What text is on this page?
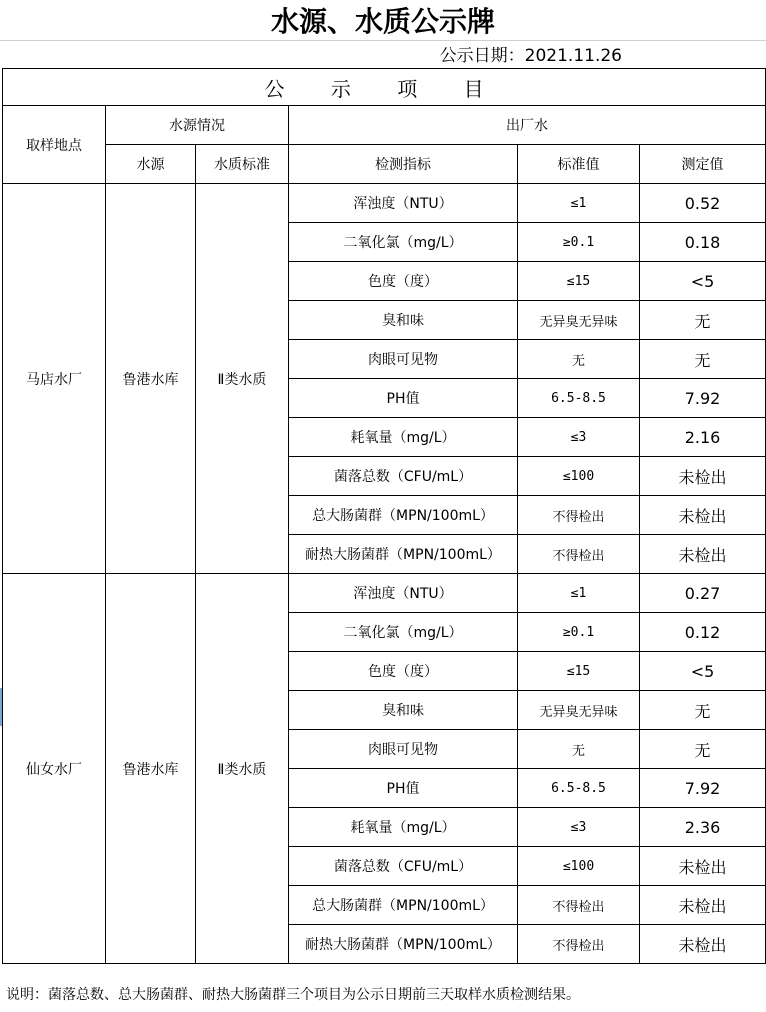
水源、水质公示牌
公示日期：2021.11.26
公 示 项 目					
取样地点	水源情况		出厂水		
	水源	水质标准	检测指标	标准值	测定值
马店水厂	鲁港水库	Ⅱ类水质	浑浊度（NTU）	≤1	0.52
			二氧化氯（mg/L）	≥0.1	0.18
			色度（度）	≤15	<5
			臭和味	无异臭无异味	无
			肉眼可见物	无	无
			PH值	6.5-8.5	7.92
			耗氧量（mg/L）	≤3	2.16
			菌落总数（CFU/mL）	≤100	未检出
			总大肠菌群（MPN/100mL）	不得检出	未检出
			耐热大肠菌群（MPN/100mL）	不得检出	未检出
仙女水厂	鲁港水库	Ⅱ类水质	浑浊度（NTU）	≤1	0.27
			二氧化氯（mg/L）	≥0.1	0.12
			色度（度）	≤15	<5
			臭和味	无异臭无异味	无
			肉眼可见物	无	无
			PH值	6.5-8.5	7.92
			耗氧量（mg/L）	≤3	2.36
			菌落总数（CFU/mL）	≤100	未检出
			总大肠菌群（MPN/100mL）	不得检出	未检出
			耐热大肠菌群（MPN/100mL）	不得检出	未检出
说明：菌落总数、总大肠菌群、耐热大肠菌群三个项目为公示日期前三天取样水质检测结果。
